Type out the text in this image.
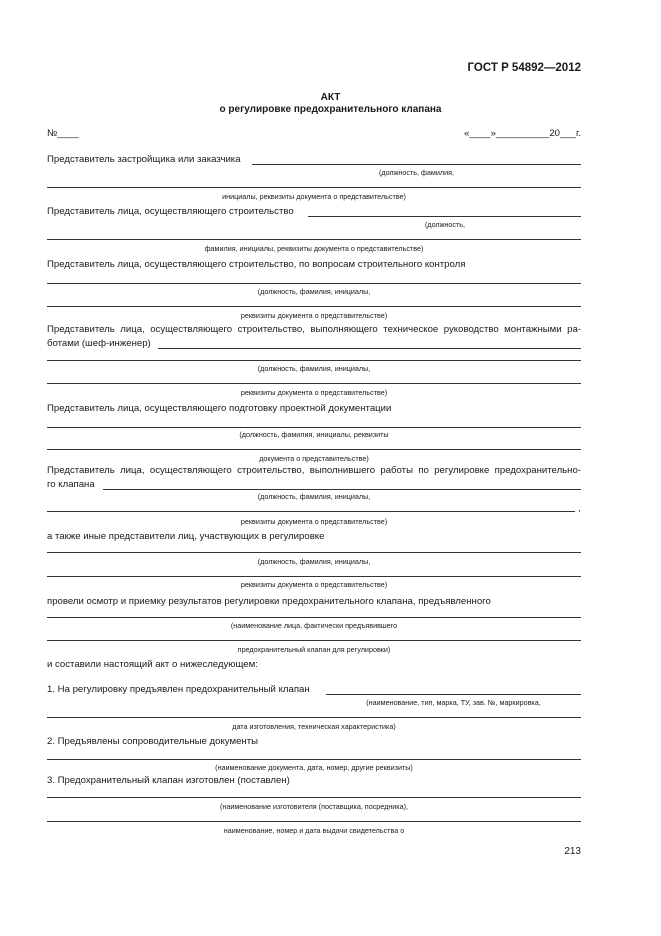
ГОСТ Р 54892—2012
АКТ
о регулировке предохранительного клапана
№____	«____»__________20___г.
Представитель застройщика или заказчика
(должность, фамилия,
инициалы, реквизиты документа о представительстве)
Представитель лица, осуществляющего строительство
(должность,
фамилия, инициалы, реквизиты документа о представительстве)
Представитель лица, осуществляющего строительство, по вопросам строительного контроля
(должность, фамилия, инициалы,
реквизиты документа о представительстве)
Представитель лица, осуществляющего строительство, выполняющего техническое руководство монтажными ра-
ботами (шеф-инженер)
(должность, фамилия, инициалы,
реквизиты документа о представительстве)
Представитель лица, осуществляющего подготовку проектной документации
(должность, фамилия, инициалы, реквизиты
документа о представительстве)
Представитель лица, осуществляющего строительство, выполнившего работы по регулировке предохранительно-
го клапана
(должность, фамилия, инициалы,
,
реквизиты документа о представительстве)
а также иные представители лиц, участвующих в регулировке
(должность, фамилия, инициалы,
реквизиты документа о представительстве)
провели осмотр и приемку результатов регулировки предохранительного клапана, предъявленного
(наименование лица, фактически предъявившего
предохранительный клапан для регулировки)
и составили настоящий акт о нижеследующем:
1. На регулировку предъявлен предохранительный клапан
(наименование, тип, марка, ТУ, зав. №, маркировка,
дата изготовления, техническая характеристика)
2. Предъявлены сопроводительные документы
(наименование документа, дата, номер, другие реквизиты)
3. Предохранительный клапан изготовлен (поставлен)
(наименование изготовителя (поставщика, посредника),
наименование, номер и дата выдачи свидетельства о
213
